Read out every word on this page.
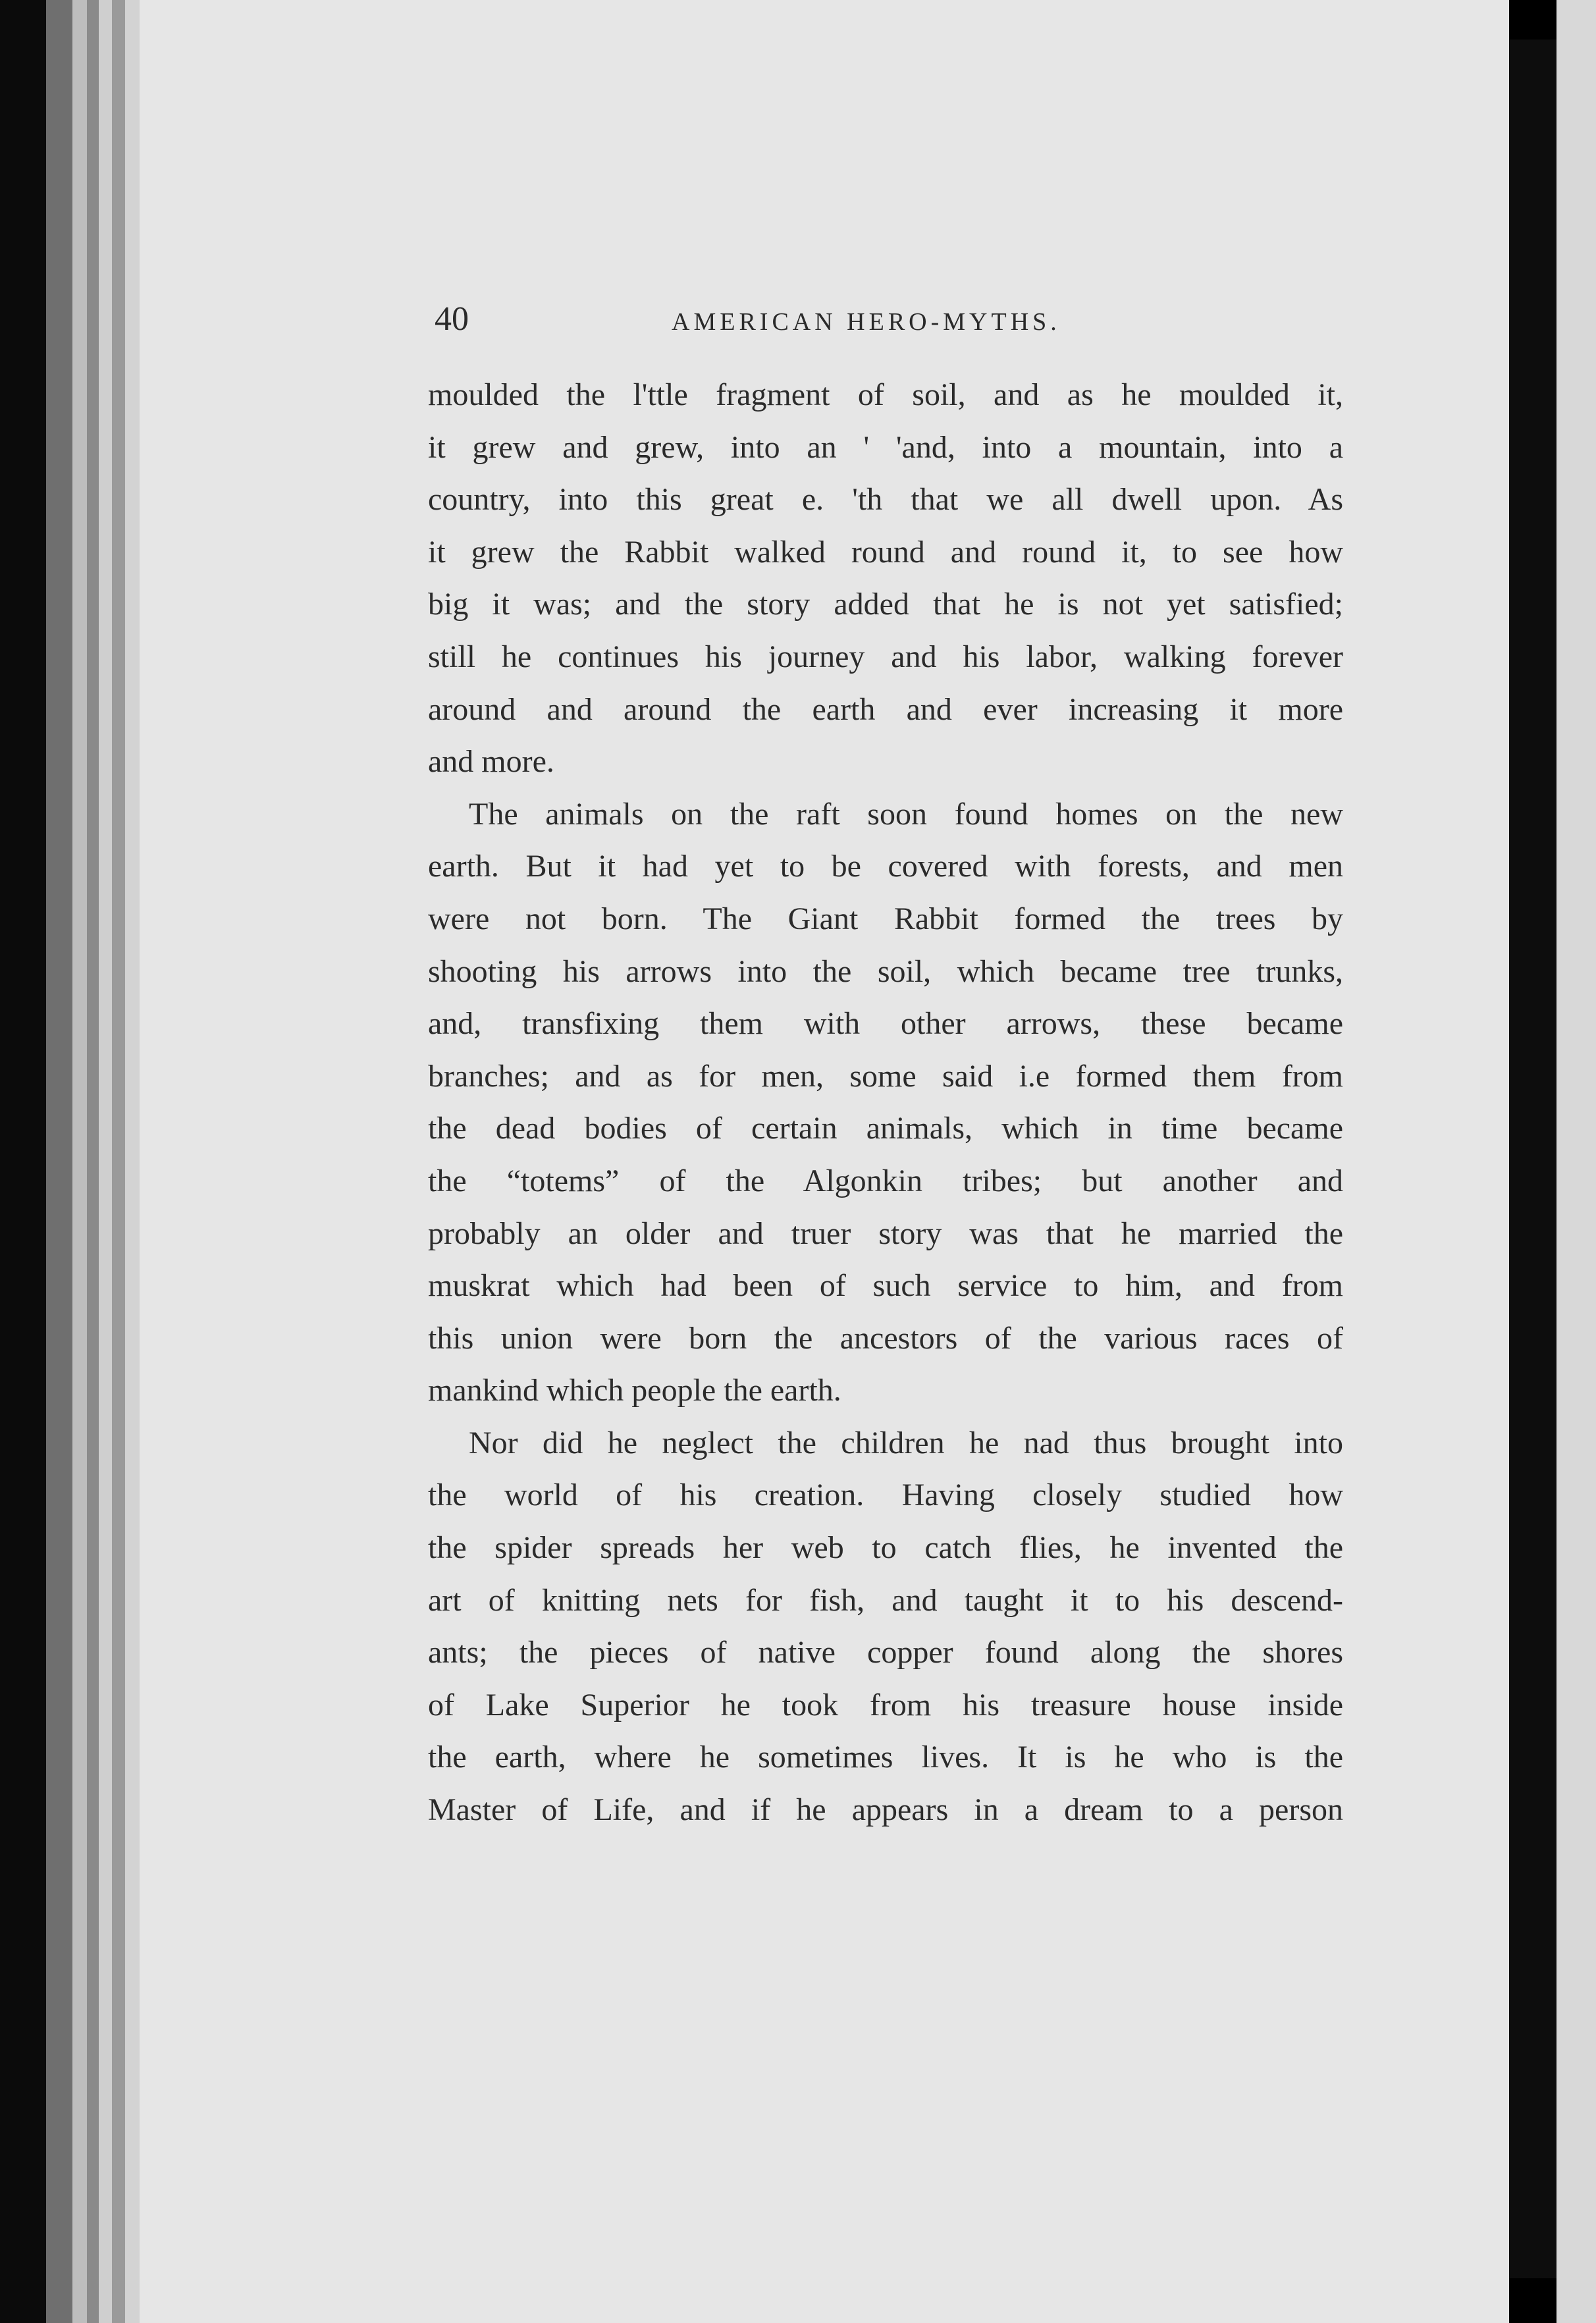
40	AMERICAN HERO-MYTHS.

moulded the l'ttle fragment of soil, and as he moulded it,
it grew and grew, into an ' 'and, into a mountain, into a
country, into this great e. 'th that we all dwell upon. As
it grew the Rabbit walked round and round it, to see how
big it was; and the story added that he is not yet satisfied;
still he continues his journey and his labor, walking forever
around and around the earth and ever increasing it more
and more.

The animals on the raft soon found homes on the new
earth. But it had yet to be covered with forests, and men
were not born. The Giant Rabbit formed the trees by
shooting his arrows into the soil, which became tree trunks,
and, transfixing them with other arrows, these became
branches; and as for men, some said i.e formed them from
the dead bodies of certain animals, which in time became
the “totems” of the Algonkin tribes; but another and
probably an older and truer story was that he married the
muskrat which had been of such service to him, and from
this union were born the ancestors of the various races of
mankind which people the earth.

Nor did he neglect the children he nad thus brought into
the world of his creation. Having closely studied how
the spider spreads her web to catch flies, he invented the
art of knitting nets for fish, and taught it to his descend-
ants; the pieces of native copper found along the shores
of Lake Superior he took from his treasure house inside
the earth, where he sometimes lives. It is he who is the
Master of Life, and if he appears in a dream to a person
